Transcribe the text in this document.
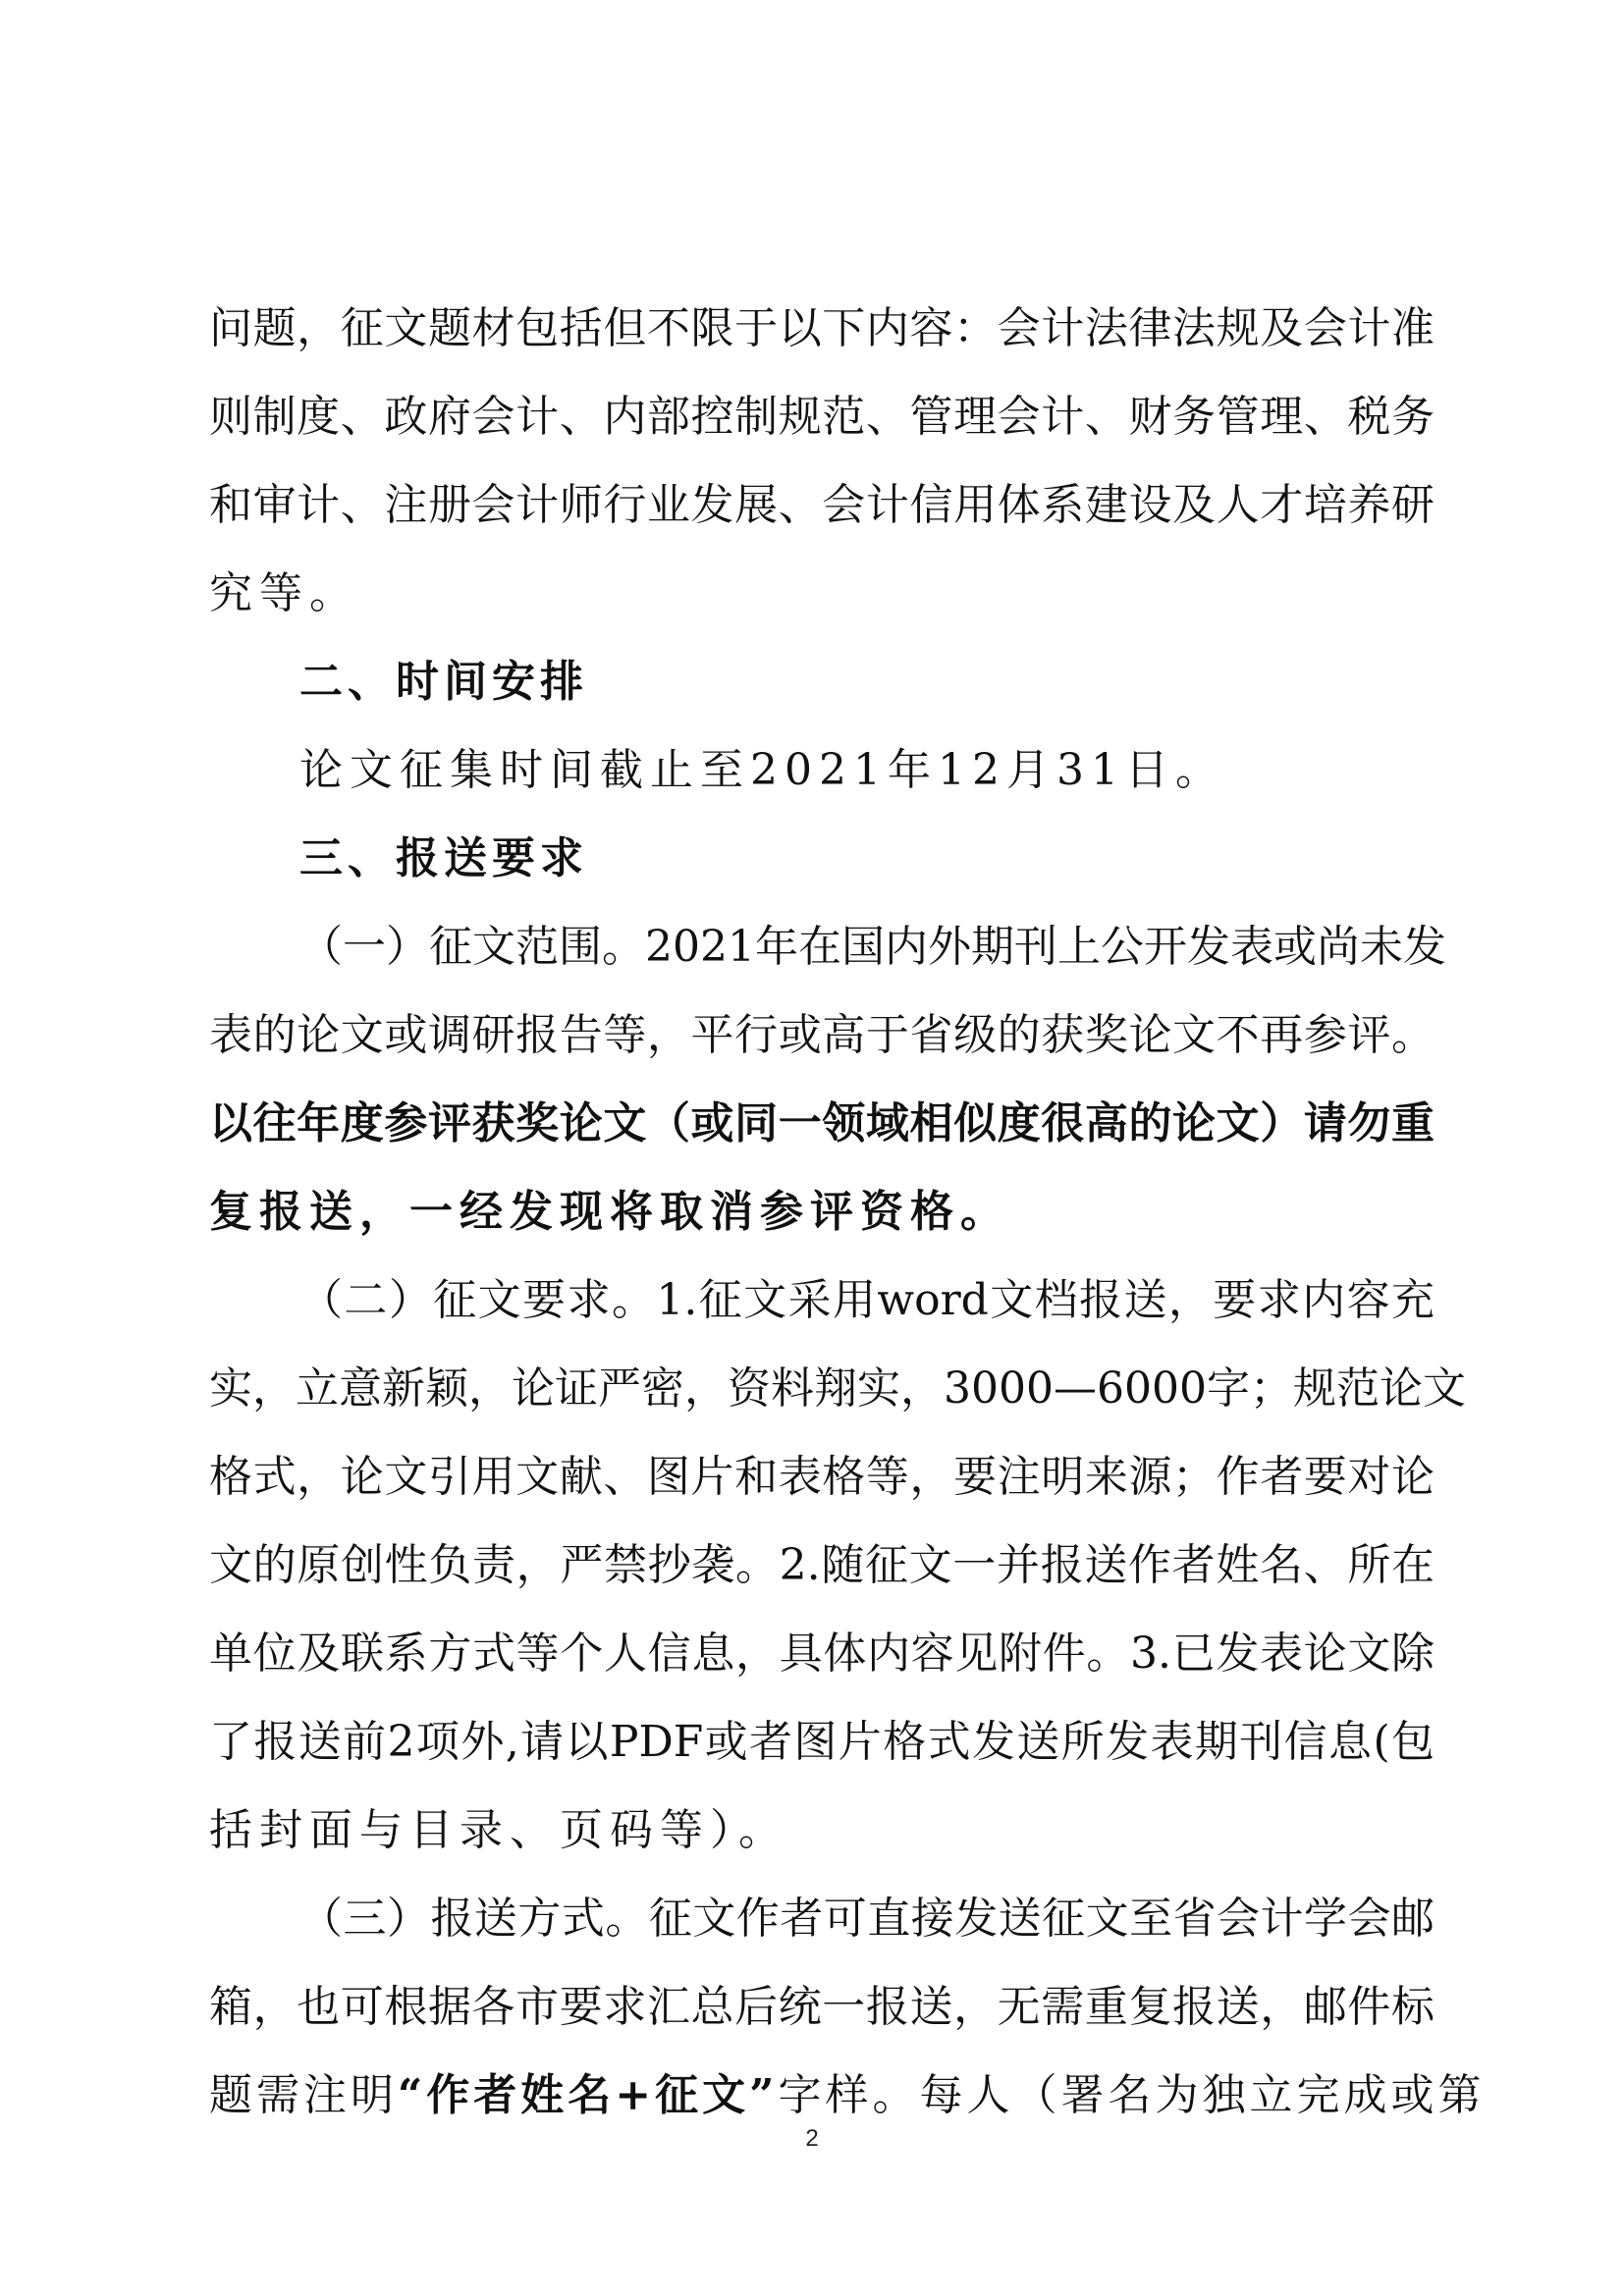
问题，征文题材包括但不限于以下内容：会计法律法规及会计准
则制度、政府会计、内部控制规范、管理会计、财务管理、税务
和审计、注册会计师行业发展、会计信用体系建设及人才培养研
究等。
二、时间安排
论文征集时间截止至2021年12月31日。
三、报送要求
（一）征文范围。2021年在国内外期刊上公开发表或尚未发
表的论文或调研报告等，平行或高于省级的获奖论文不再参评。
以往年度参评获奖论文（或同一领域相似度很高的论文）请勿重
复报送，一经发现将取消参评资格。
（二）征文要求。1.征文采用word文档报送，要求内容充
实，立意新颖，论证严密，资料翔实，3000—6000字；规范论文
格式，论文引用文献、图片和表格等，要注明来源；作者要对论
文的原创性负责，严禁抄袭。2.随征文一并报送作者姓名、所在
单位及联系方式等个人信息，具体内容见附件。3.已发表论文除
了报送前2项外,请以PDF或者图片格式发送所发表期刊信息(包
括封面与目录、页码等）。
（三）报送方式。征文作者可直接发送征文至省会计学会邮
箱，也可根据各市要求汇总后统一报送，无需重复报送，邮件标
题需注明“作者姓名+征文”字样。每人（署名为独立完成或第
2
